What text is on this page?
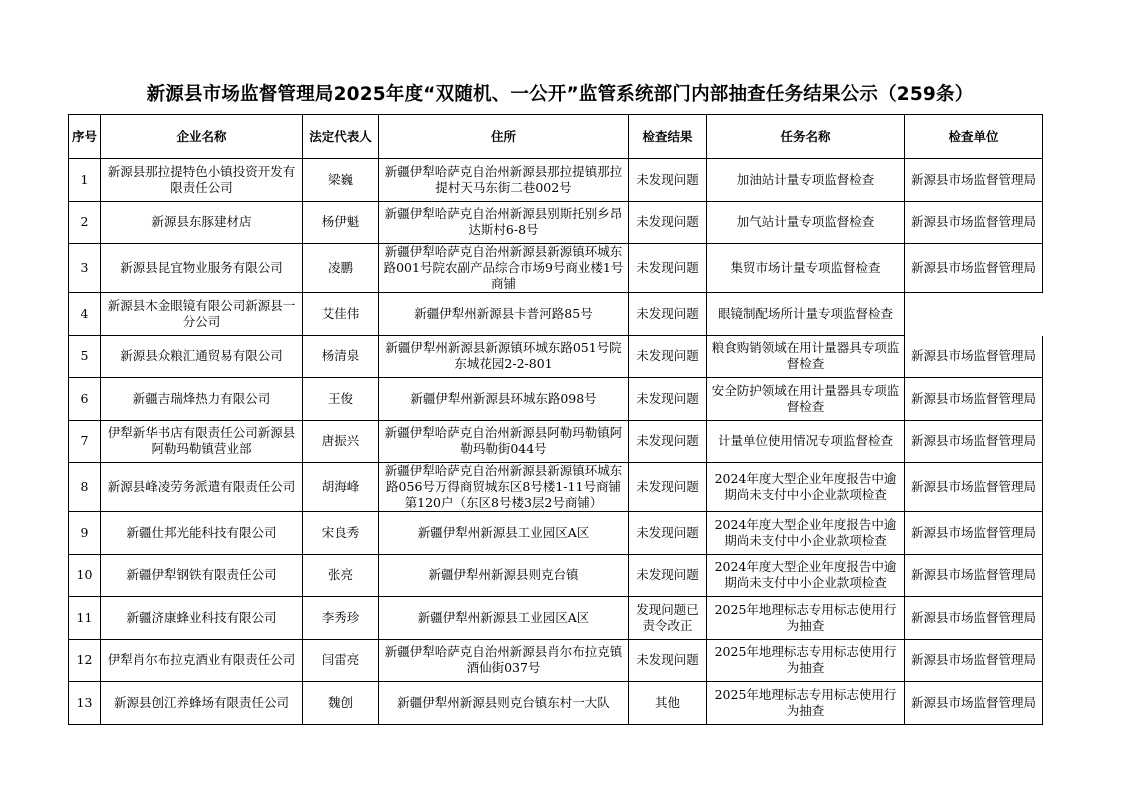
新源县市场监督管理局2025年度“双随机、一公开”监管系统部门内部抽查任务结果公示（259条）
序号	企业名称	法定代表人	住所	检查结果	任务名称	检查单位
1	新源县那拉提特色小镇投资开发有限责任公司	梁巍	新疆伊犁哈萨克自治州新源县那拉提镇那拉提村天马东街二巷002号	未发现问题	加油站计量专项监督检查	新源县市场监督管理局
2	新源县东豚建材店	杨伊魁	新疆伊犁哈萨克自治州新源县别斯托别乡昂达斯村6-8号	未发现问题	加气站计量专项监督检查	新源县市场监督管理局
3	新源县昆宜物业服务有限公司	凌鹏	新疆伊犁哈萨克自治州新源县新源镇环城东路001号院农副产品综合市场9号商业楼1号商铺	未发现问题	集贸市场计量专项监督检查	新源县市场监督管理局
4	新源县木金眼镜有限公司新源县一分公司	艾佳伟	新疆伊犁州新源县卡普河路85号	未发现问题	眼镜制配场所计量专项监督检查	
5	新源县众粮汇通贸易有限公司	杨清泉	新疆伊犁州新源县新源镇环城东路051号院东城花园2-2-801	未发现问题	粮食购销领域在用计量器具专项监督检查	新源县市场监督管理局
6	新疆吉瑞烽热力有限公司	王俊	新疆伊犁州新源县环城东路098号	未发现问题	安全防护领域在用计量器具专项监督检查	新源县市场监督管理局
7	伊犁新华书店有限责任公司新源县阿勒玛勒镇营业部	唐振兴	新疆伊犁哈萨克自治州新源县阿勒玛勒镇阿勒玛勒街044号	未发现问题	计量单位使用情况专项监督检查	新源县市场监督管理局
8	新源县峰凌劳务派遣有限责任公司	胡海峰	新疆伊犁哈萨克自治州新源县新源镇环城东路056号万得商贸城东区8号楼1-11号商铺第120户（东区8号楼3层2号商铺）	未发现问题	2024年度大型企业年度报告中逾期尚未支付中小企业款项检查	新源县市场监督管理局
9	新疆仕邦光能科技有限公司	宋良秀	新疆伊犁州新源县工业园区A区	未发现问题	2024年度大型企业年度报告中逾期尚未支付中小企业款项检查	新源县市场监督管理局
10	新疆伊犁钢铁有限责任公司	张亮	新疆伊犁州新源县则克台镇	未发现问题	2024年度大型企业年度报告中逾期尚未支付中小企业款项检查	新源县市场监督管理局
11	新疆济康蜂业科技有限公司	李秀珍	新疆伊犁州新源县工业园区A区	发现问题已责令改正	2025年地理标志专用标志使用行为抽查	新源县市场监督管理局
12	伊犁肖尔布拉克酒业有限责任公司	闫雷亮	新疆伊犁哈萨克自治州新源县肖尔布拉克镇酒仙街037号	未发现问题	2025年地理标志专用标志使用行为抽查	新源县市场监督管理局
13	新源县创江养蜂场有限责任公司	魏创	新疆伊犁州新源县则克台镇东村一大队	其他	2025年地理标志专用标志使用行为抽查	新源县市场监督管理局
